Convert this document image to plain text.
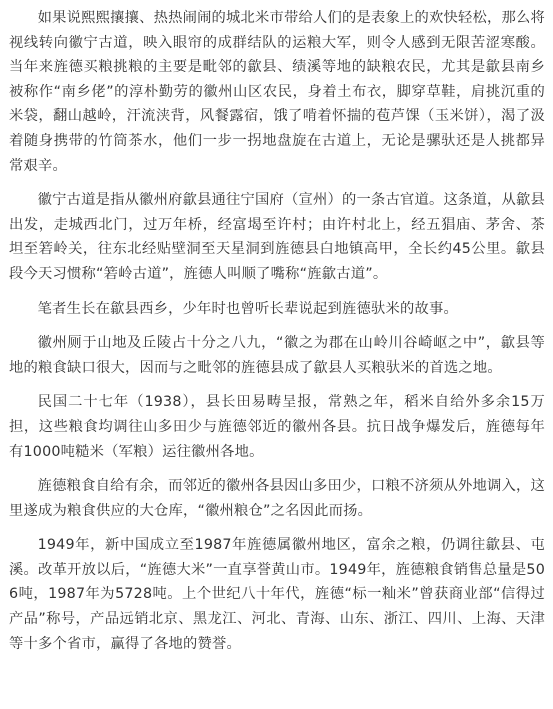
如果说熙熙攘攘、热热闹闹的城北米市带给人们的是表象上的欢快轻松，那么将视线转向徽宁古道，映入眼帘的成群结队的运粮大军，则令人感到无限苦涩寒酸。当年来旌德买粮挑粮的主要是毗邻的歙县、绩溪等地的缺粮农民，尤其是歙县南乡被称作“南乡佬”的淳朴勤劳的徽州山区农民，身着土布衣，脚穿草鞋，肩挑沉重的米袋，翻山越岭，汗流浃背，风餐露宿，饿了啃着怀揣的苞芦馃（玉米饼），渴了汲着随身携带的竹筒茶水，他们一步一拐地盘旋在古道上，无论是骡驮还是人挑都异常艰辛。

徽宁古道是指从徽州府歙县通往宁国府（宣州）的一条古官道。这条道，从歙县出发，走城西北门，过万年桥，经富堨至许村；由许村北上，经五猖庙、茅舍、茶坦至箬岭关，往东北经贴壁洞至天星洞到旌德县白地镇高甲，全长约45公里。歙县段今天习惯称“箬岭古道”，旌德人叫顺了嘴称“旌歙古道”。

笔者生长在歙县西乡，少年时也曾听长辈说起到旌德驮米的故事。

徽州厕于山地及丘陵占十分之八九，“徽之为郡在山岭川谷崎岖之中”，歙县等地的粮食缺口很大，因而与之毗邻的旌德县成了歙县人买粮驮米的首选之地。

民国二十七年（1938），县长田易畴呈报，常熟之年，稻米自给外多余15万担，这些粮食均调往山多田少与旌德邻近的徽州各县。抗日战争爆发后，旌德每年有1000吨糙米（军粮）运往徽州各地。

旌德粮食自给有余，而邻近的徽州各县因山多田少，口粮不济须从外地调入，这里遂成为粮食供应的大仓库，“徽州粮仓”之名因此而扬。

1949年，新中国成立至1987年旌德属徽州地区，富余之粮，仍调往歙县、屯溪。改革开放以后，“旌德大米”一直享誉黄山市。1949年，旌德粮食销售总量是506吨，1987年为5728吨。上个世纪八十年代，旌德“标一籼米”曾获商业部“信得过产品”称号，产品远销北京、黑龙江、河北、青海、山东、浙江、四川、上海、天津等十多个省市，赢得了各地的赞誉。
